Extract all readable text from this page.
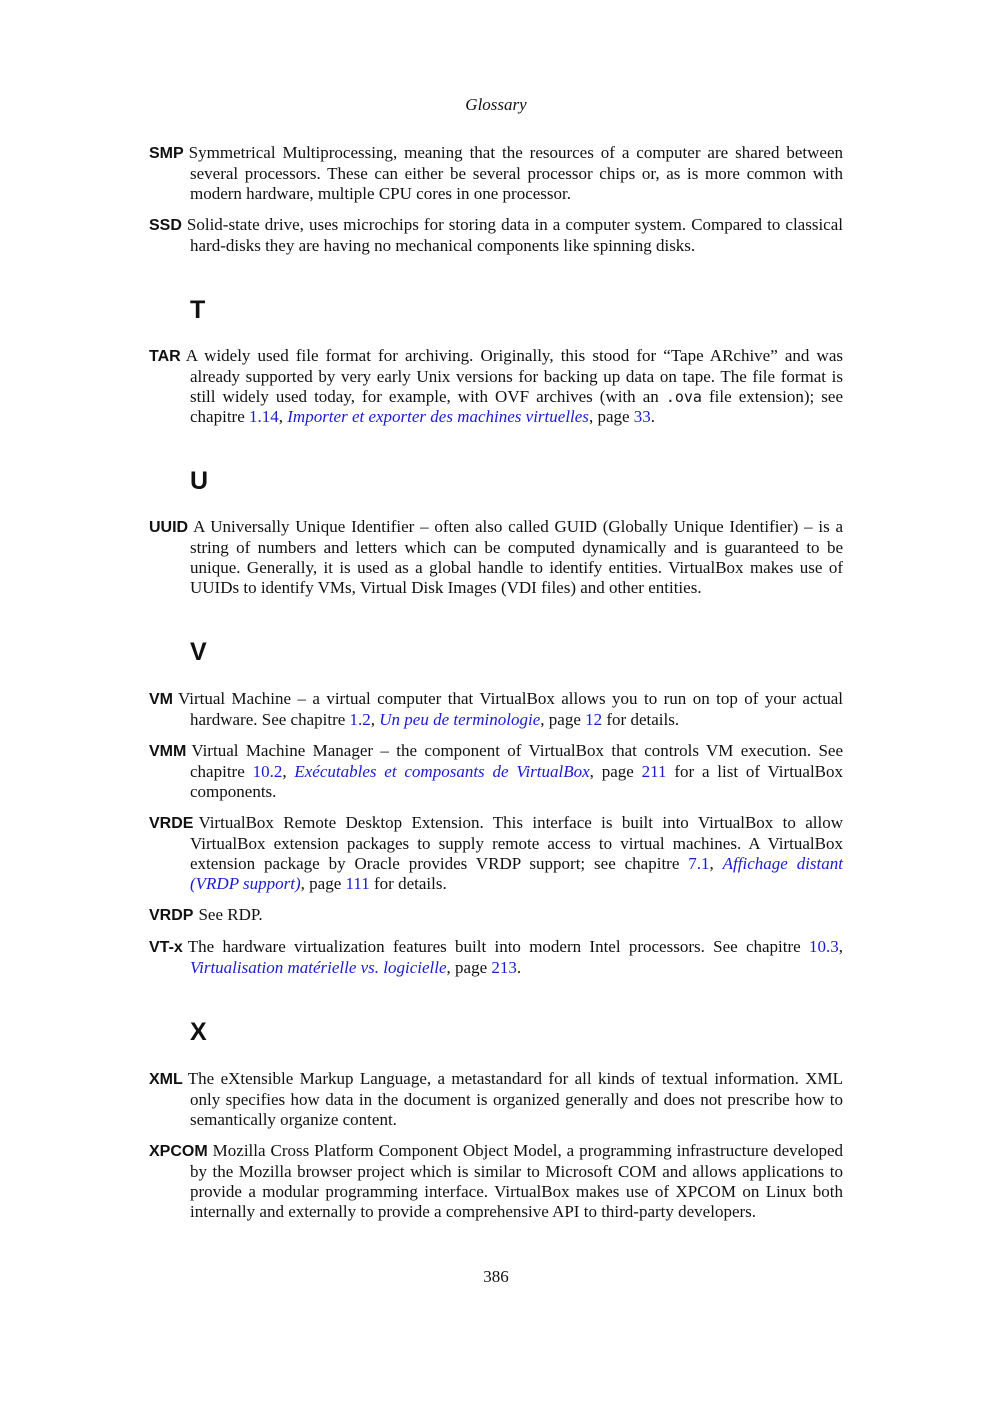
Glossary

SMP Symmetrical Multiprocessing, meaning that the resources of a computer are shared between several processors. These can either be several processor chips or, as is more common with modern hardware, multiple CPU cores in one processor.

SSD Solid-state drive, uses microchips for storing data in a computer system. Compared to classical hard-disks they are having no mechanical components like spinning disks.

T

TAR A widely used file format for archiving. Originally, this stood for “Tape ARchive” and was already supported by very early Unix versions for backing up data on tape. The file format is still widely used today, for example, with OVF archives (with an .ova file extension); see chapitre 1.14, Importer et exporter des machines virtuelles, page 33.

U

UUID A Universally Unique Identifier – often also called GUID (Globally Unique Identifier) – is a string of numbers and letters which can be computed dynamically and is guaranteed to be unique. Generally, it is used as a global handle to identify entities. VirtualBox makes use of UUIDs to identify VMs, Virtual Disk Images (VDI files) and other entities.

V

VM Virtual Machine – a virtual computer that VirtualBox allows you to run on top of your actual hardware. See chapitre 1.2, Un peu de terminologie, page 12 for details.

VMM Virtual Machine Manager – the component of VirtualBox that controls VM execution. See chapitre 10.2, Exécutables et composants de VirtualBox, page 211 for a list of VirtualBox components.

VRDE VirtualBox Remote Desktop Extension. This interface is built into VirtualBox to allow VirtualBox extension packages to supply remote access to virtual machines. A VirtualBox extension package by Oracle provides VRDP support; see chapitre 7.1, Affichage distant (VRDP support), page 111 for details.

VRDP See RDP.

VT-x The hardware virtualization features built into modern Intel processors. See chapitre 10.3, Virtualisation matérielle vs. logicielle, page 213.

X

XML The eXtensible Markup Language, a metastandard for all kinds of textual information. XML only specifies how data in the document is organized generally and does not prescribe how to semantically organize content.

XPCOM Mozilla Cross Platform Component Object Model, a programming infrastructure developed by the Mozilla browser project which is similar to Microsoft COM and allows applications to provide a modular programming interface. VirtualBox makes use of XPCOM on Linux both internally and externally to provide a comprehensive API to third-party developers.

386
